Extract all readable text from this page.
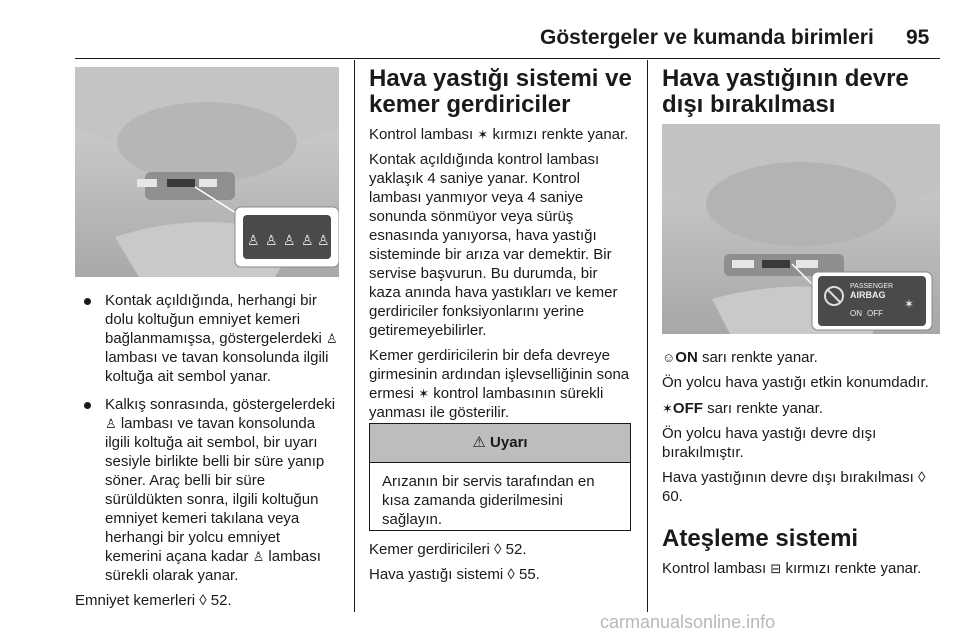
Göstergeler ve kumanda birimleri 95
♙ ♙ ♙ ♙ ♙
Kontak açıldığında, herhangi bir dolu koltuğun emniyet kemeri bağlanmamışsa, göstergelerdeki ♙ lambası ve tavan konsolunda ilgili koltuğa ait sembol yanar.
Kalkış sonrasında, göstergelerdeki ♙ lambası ve tavan konsolunda ilgili koltuğa ait sembol, bir uyarı sesiyle birlikte belli bir süre yanıp söner. Araç belli bir süre sürüldükten sonra, ilgili koltuğun emniyet kemeri takılana veya herhangi bir yolcu emniyet kemerini açana kadar ♙ lambası sürekli olarak yanar.

Emniyet kemerleri ◊ 52.

Hava yastığı sistemi ve kemer gerdiriciler

Kontrol lambası ✶ kırmızı renkte yanar.

Kontak açıldığında kontrol lambası yaklaşık 4 saniye yanar. Kontrol lambası yanmıyor veya 4 saniye sonunda sönmüyor veya sürüş esnasında yanıyorsa, hava yastığı sisteminde bir arıza var demektir. Bir servise başvurun. Bu durumda, bir kaza anında hava yastıkları ve kemer gerdiriciler fonksiyonlarını yerine getiremeyebilirler.

Kemer gerdiricilerin bir defa devreye girmesinin ardından işlevselliğinin sona ermesi ✶ kontrol lambasının sürekli yanması ile gösterilir.

⚠ Uyarı
Arızanın bir servis tarafından en kısa zamanda giderilmesini sağlayın.

Kemer gerdiricileri ◊ 52.

Hava yastığı sistemi ◊ 55.

Hava yastığının devre dışı bırakılması
PASSENGER
AIRBAG
ON OFF
✶

☺ON sarı renkte yanar.

Ön yolcu hava yastığı etkin konumdadır.

✶OFF sarı renkte yanar.

Ön yolcu hava yastığı devre dışı bırakılmıştır.

Hava yastığının devre dışı bırakılması ◊ 60.

Ateşleme sistemi

Kontrol lambası ⊟ kırmızı renkte yanar.

carmanualsonline.info
